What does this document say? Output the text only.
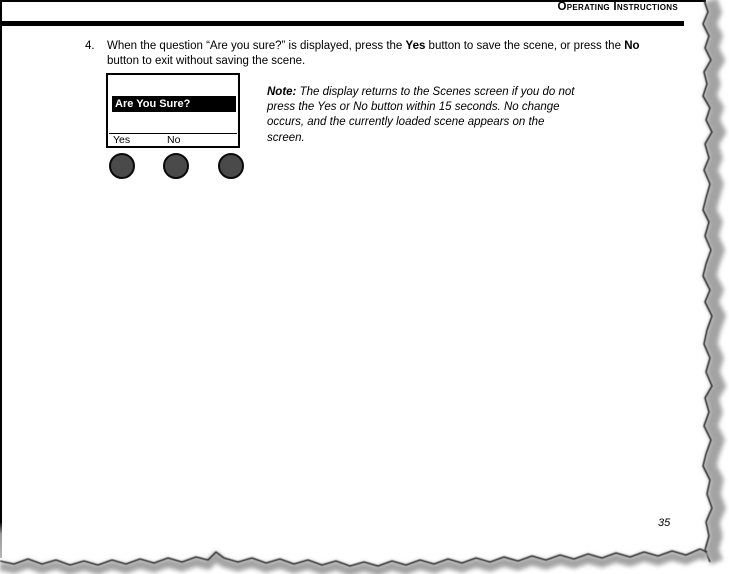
Operating Instructions
4. When the question “Are you sure?” is displayed, press the Yes button to save the scene, or press the No
button to exit without saving the scene.
Are You Sure?
Yes	No
Note: The display returns to the Scenes screen if you do not
press the Yes or No button within 15 seconds. No change
occurs, and the currently loaded scene appears on the
screen.
35
